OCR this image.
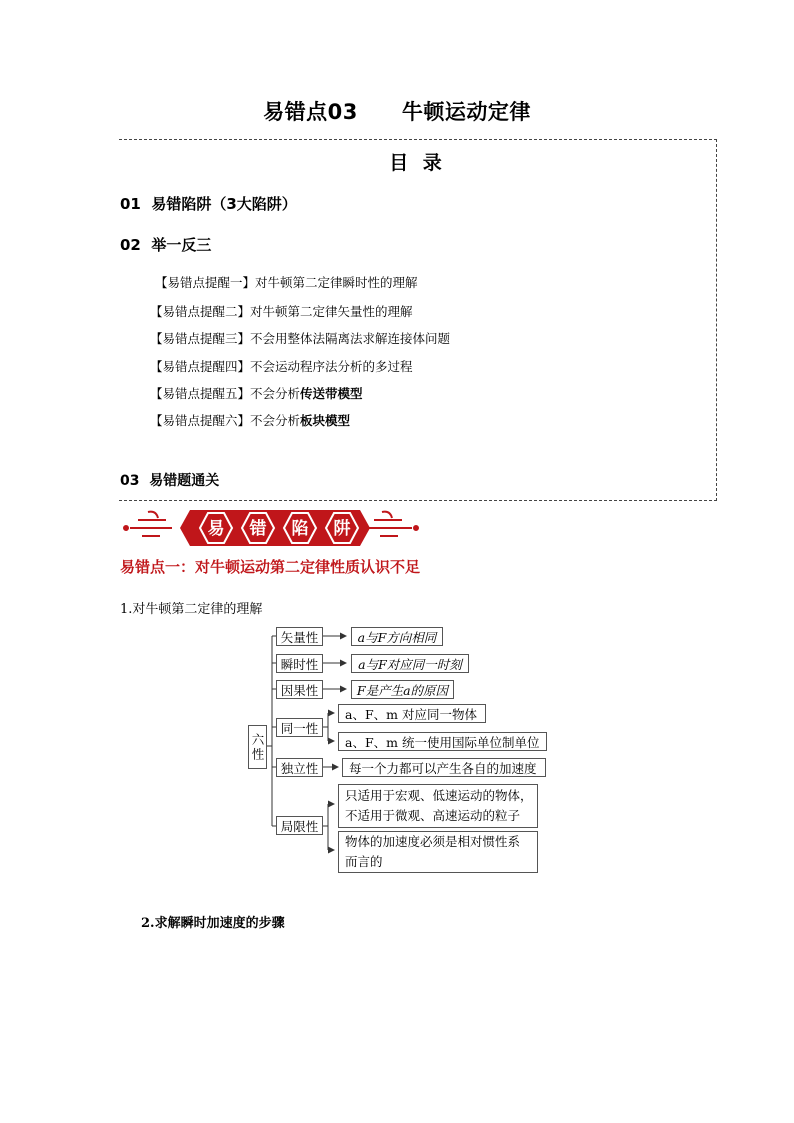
易错点03 牛顿运动定律
目 录
01 易错陷阱（3大陷阱）
02 举一反三
【易错点提醒一】对牛顿第二定律瞬时性的理解
【易错点提醒二】对牛顿第二定律矢量性的理解
【易错点提醒三】不会用整体法隔离法求解连接体问题
【易错点提醒四】不会运动程序法分析的多过程
【易错点提醒五】不会分析传送带模型
【易错点提醒六】不会分析板块模型
03 易错题通关
易 错 陷 阱
易错点一：对牛顿运动第二定律性质认识不足
1.对牛顿第二定律的理解
六性
矢量性
瞬时性
因果性
同一性
独立性
局限性
a与F方向相同
a与F对应同一时刻
F是产生a的原因
a、F、m 对应同一物体
a、F、m 统一使用国际单位制单位
每一个力都可以产生各自的加速度
只适用于宏观、低速运动的物体，
不适用于微观、高速运动的粒子
物体的加速度必须是相对惯性系
而言的
2.求解瞬时加速度的步骤
